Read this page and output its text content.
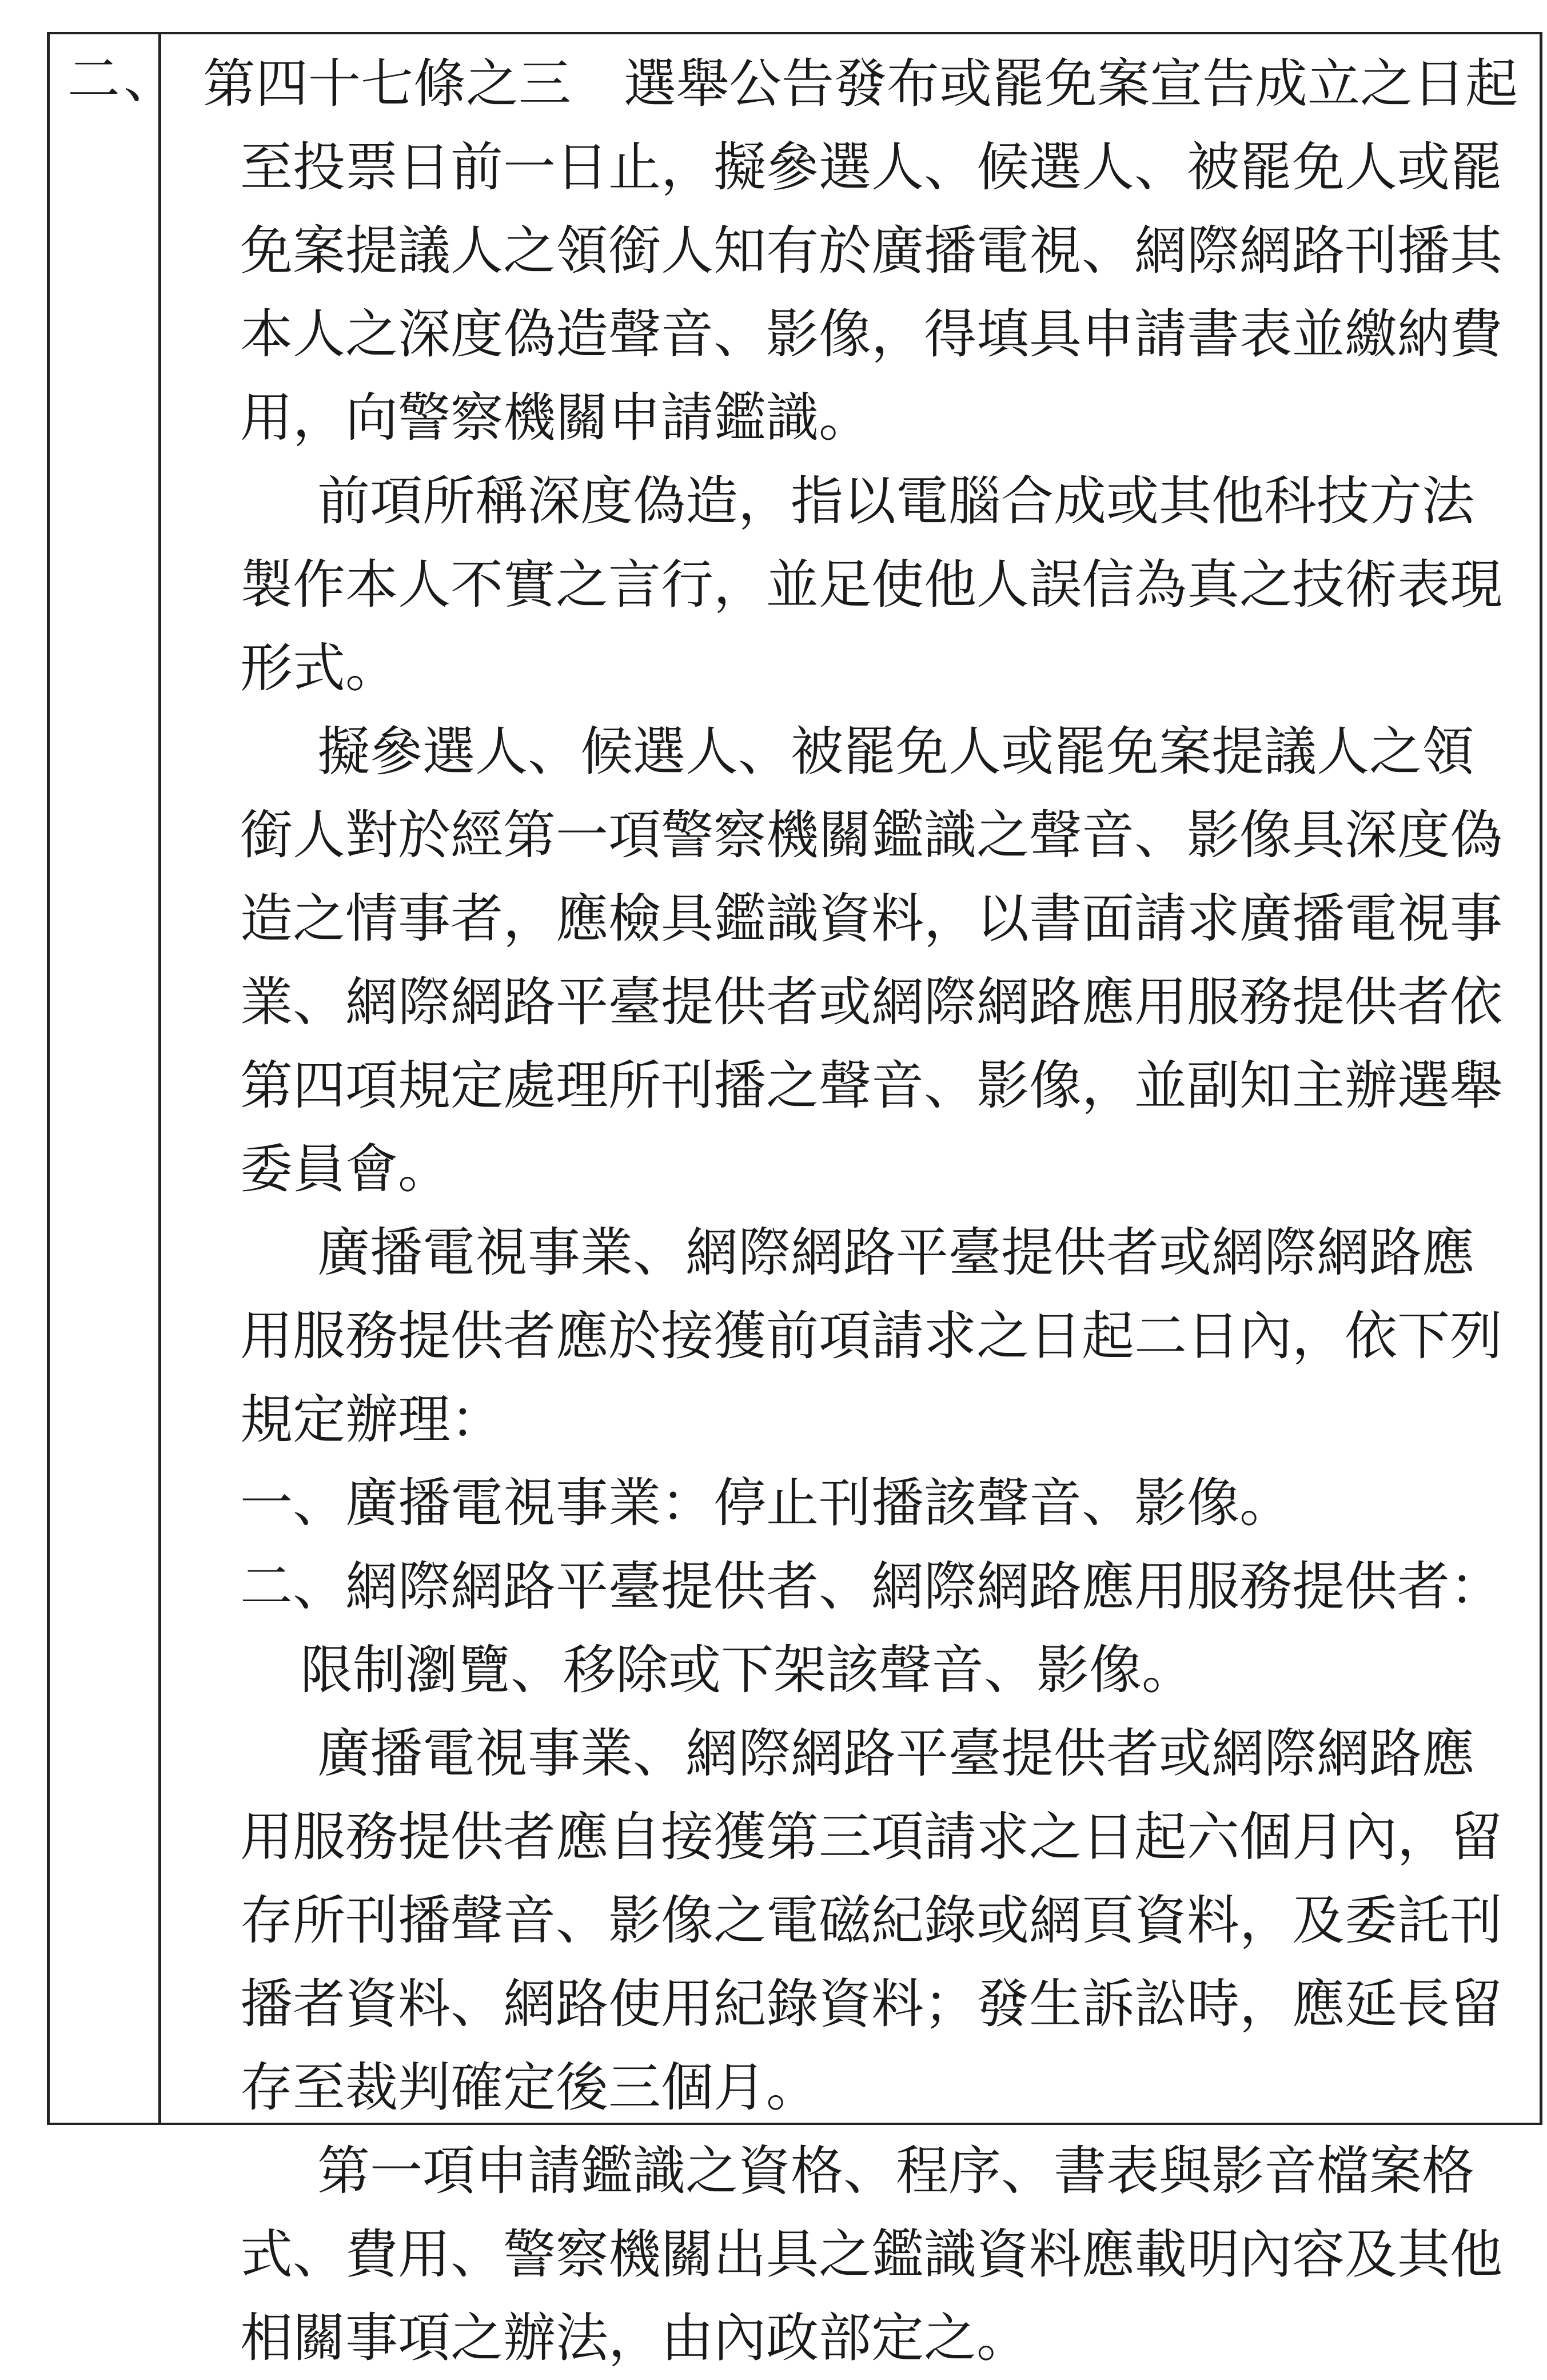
二、 第四十七條之三　選舉公告發布或罷免案宣告成立之日起
至投票日前一日止，擬參選人、候選人、被罷免人或罷
免案提議人之領銜人知有於廣播電視、網際網路刊播其
本人之深度偽造聲音、影像，得填具申請書表並繳納費
用，向警察機關申請鑑識。
前項所稱深度偽造，指以電腦合成或其他科技方法
製作本人不實之言行，並足使他人誤信為真之技術表現
形式。
擬參選人、候選人、被罷免人或罷免案提議人之領
銜人對於經第一項警察機關鑑識之聲音、影像具深度偽
造之情事者，應檢具鑑識資料，以書面請求廣播電視事
業、網際網路平臺提供者或網際網路應用服務提供者依
第四項規定處理所刊播之聲音、影像，並副知主辦選舉
委員會。
廣播電視事業、網際網路平臺提供者或網際網路應
用服務提供者應於接獲前項請求之日起二日內，依下列
規定辦理：
一、廣播電視事業：停止刊播該聲音、影像。
二、網際網路平臺提供者、網際網路應用服務提供者：
限制瀏覽、移除或下架該聲音、影像。
廣播電視事業、網際網路平臺提供者或網際網路應
用服務提供者應自接獲第三項請求之日起六個月內，留
存所刊播聲音、影像之電磁紀錄或網頁資料，及委託刊
播者資料、網路使用紀錄資料；發生訴訟時，應延長留
存至裁判確定後三個月。
第一項申請鑑識之資格、程序、書表與影音檔案格
式、費用、警察機關出具之鑑識資料應載明內容及其他
相關事項之辦法，由內政部定之。
